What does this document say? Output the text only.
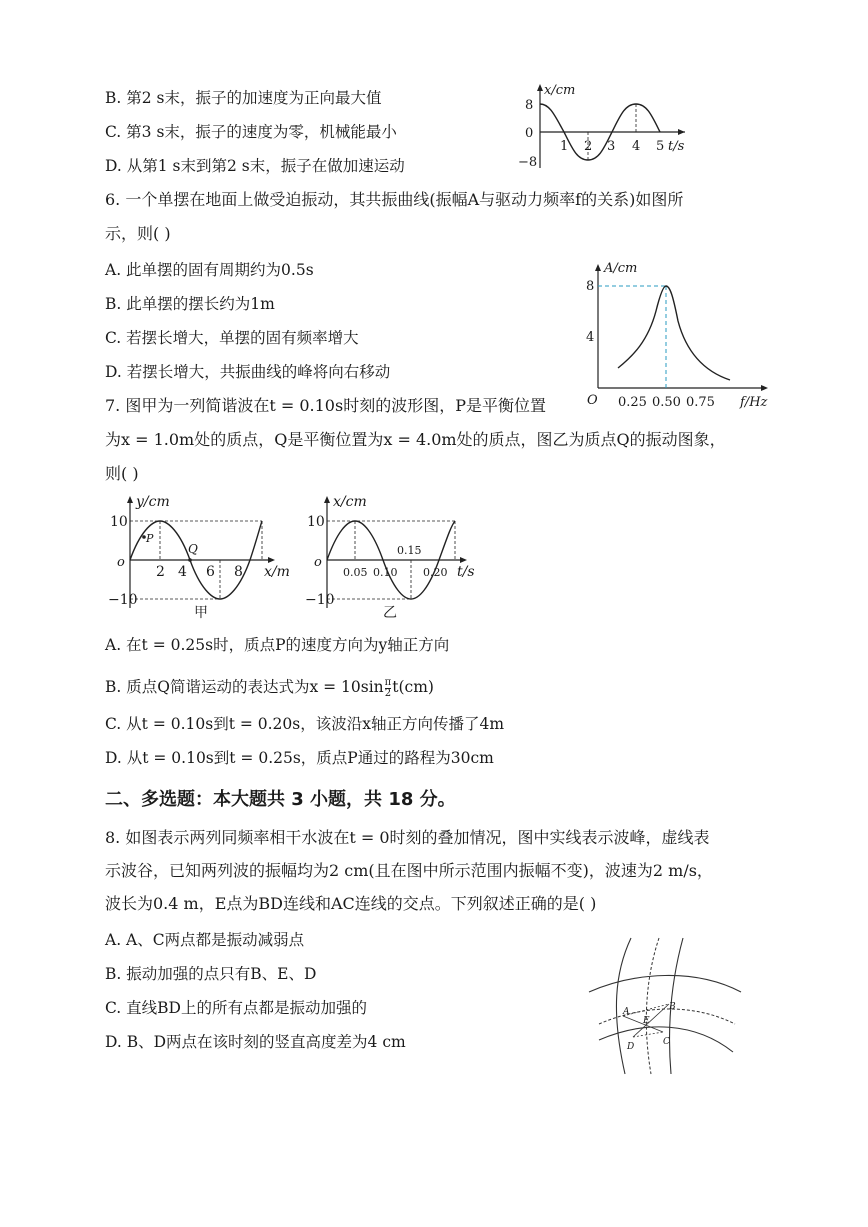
B. 第2 s末，振子的加速度为正向最大值
C. 第3 s末，振子的速度为零，机械能最小
D. 从第1 s末到第2 s末，振子在做加速运动
x/cm
t/s
8
0
−8
1 2 3 4 5
6. 一个单摆在地面上做受迫振动，其共振曲线(振幅A与驱动力频率f的关系)如图所
示，则( )
A. 此单摆的固有周期约为0.5s
B. 此单摆的摆长约为1m
C. 若摆长增大，单摆的固有频率增大
D. 若摆长增大，共振曲线的峰将向右移动
A/cm
f/Hz
O
8
4
0.25 0.50 0.75
7. 图甲为一列简谐波在t = 0.10s时刻的波形图，P是平衡位置
为x = 1.0m处的质点，Q是平衡位置为x = 4.0m处的质点，图乙为质点Q的振动图象，
则( )
y/cm
x/m
o
10
−10
2 4 6 8
P
Q
甲
x/cm
t/s
o
10
−10
0.05 0.10
0.15
0.20
乙
A. 在t = 0.25s时，质点P的速度方向为y轴正方向
B. 质点Q简谐运动的表达式为$x = 10\sin \frac{\pi}{2} t(cm)$
C. 从t = 0.10s到t = 0.20s，该波沿x轴正方向传播了4m
D. 从t = 0.10s到t = 0.25s，质点P通过的路程为30cm
二、多选题：本大题共 3 小题，共 18 分。
8. 如图表示两列同频率相干水波在t = 0时刻的叠加情况，图中实线表示波峰，虚线表
示波谷，已知两列波的振幅均为2 cm(且在图中所示范围内振幅不变)，波速为2 m/s，
波长为0.4 m，E点为BD连线和AC连线的交点。下列叙述正确的是( )
A. A、C两点都是振动减弱点
B. 振动加强的点只有B、E、D
C. 直线BD上的所有点都是振动加强的
D. B、D两点在该时刻的竖直高度差为4 cm
A	B
E
D	C
